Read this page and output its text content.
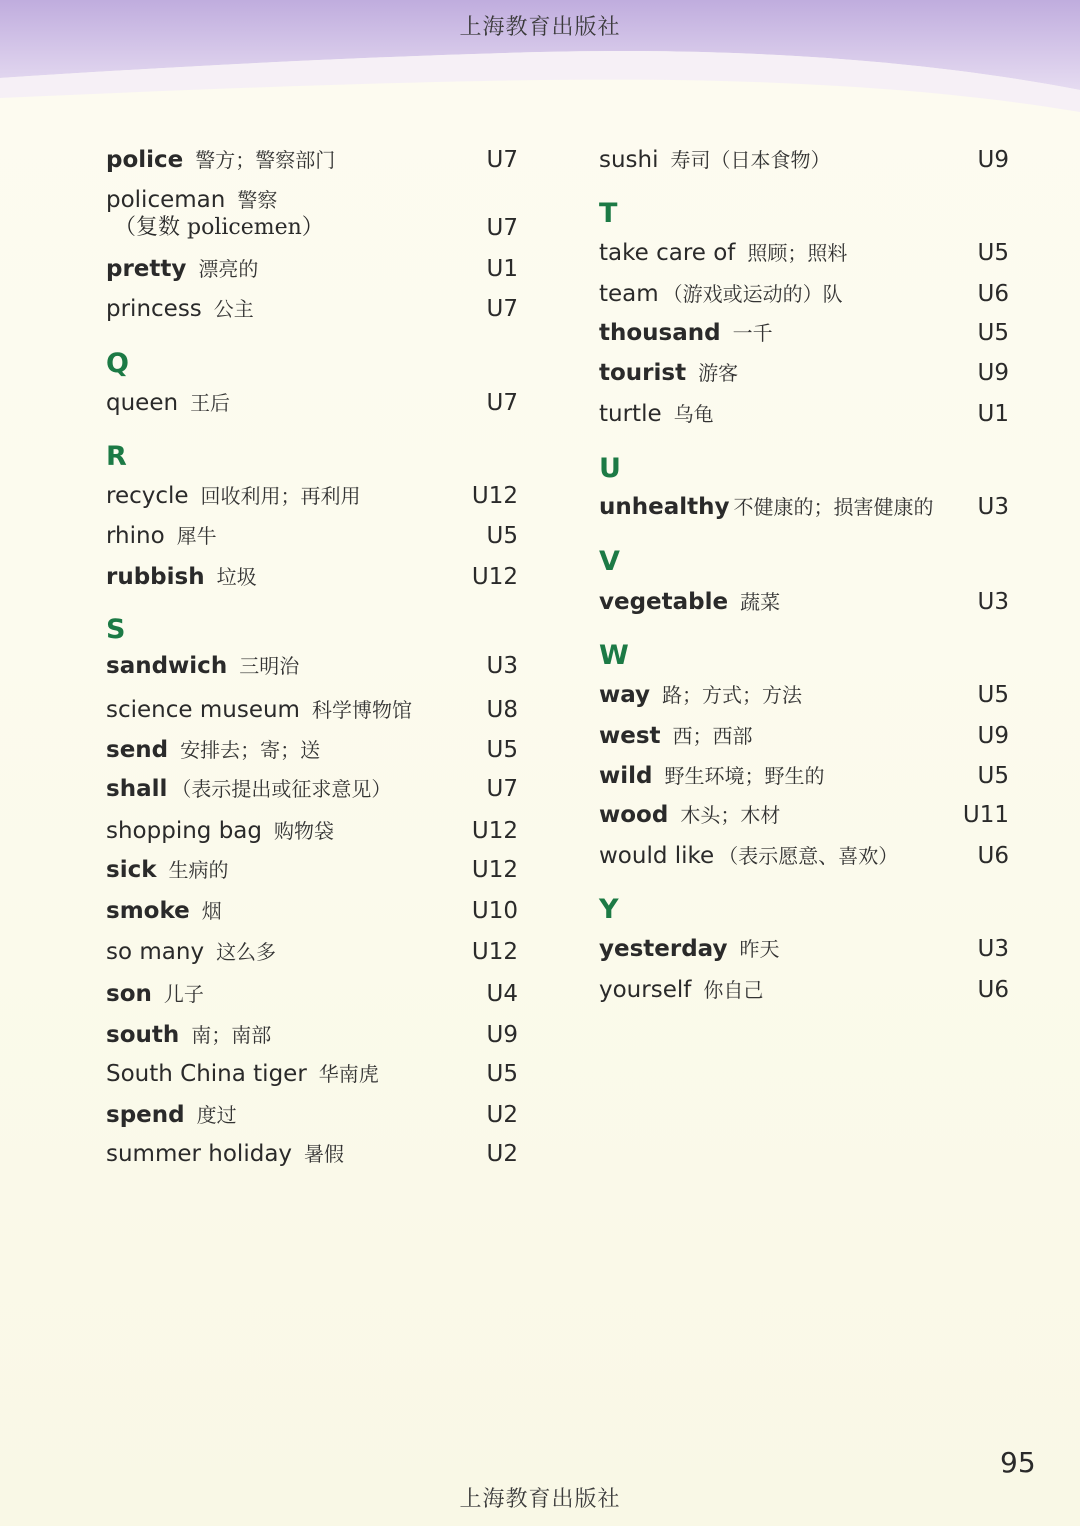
上海教育出版社
police 警方；警察部门	U7
policeman 警察
（复数 policemen）	U7
pretty 漂亮的	U1
princess 公主	U7
Q
queen 王后	U7
R
recycle 回收利用；再利用	U12
rhino 犀牛	U5
rubbish 垃圾	U12
S
sandwich 三明治	U3
science museum 科学博物馆	U8
send 安排去；寄；送	U5
shall （表示提出或征求意见）	U7
shopping bag 购物袋	U12
sick 生病的	U12
smoke 烟	U10
so many 这么多	U12
son 儿子	U4
south 南；南部	U9
South China tiger 华南虎	U5
spend 度过	U2
summer holiday 暑假	U2
sushi 寿司（日本食物）	U9
T
take care of 照顾；照料	U5
team （游戏或运动的）队	U6
thousand 一千	U5
tourist 游客	U9
turtle 乌龟	U1
U
unhealthy 不健康的；损害健康的 U3
V
vegetable 蔬菜	U3
W
way 路；方式；方法	U5
west 西；西部	U9
wild 野生环境；野生的	U5
wood 木头；木材	U11
would like （表示愿意、喜欢）	U6
Y
yesterday 昨天	U3
yourself 你自己	U6
95
上海教育出版社
